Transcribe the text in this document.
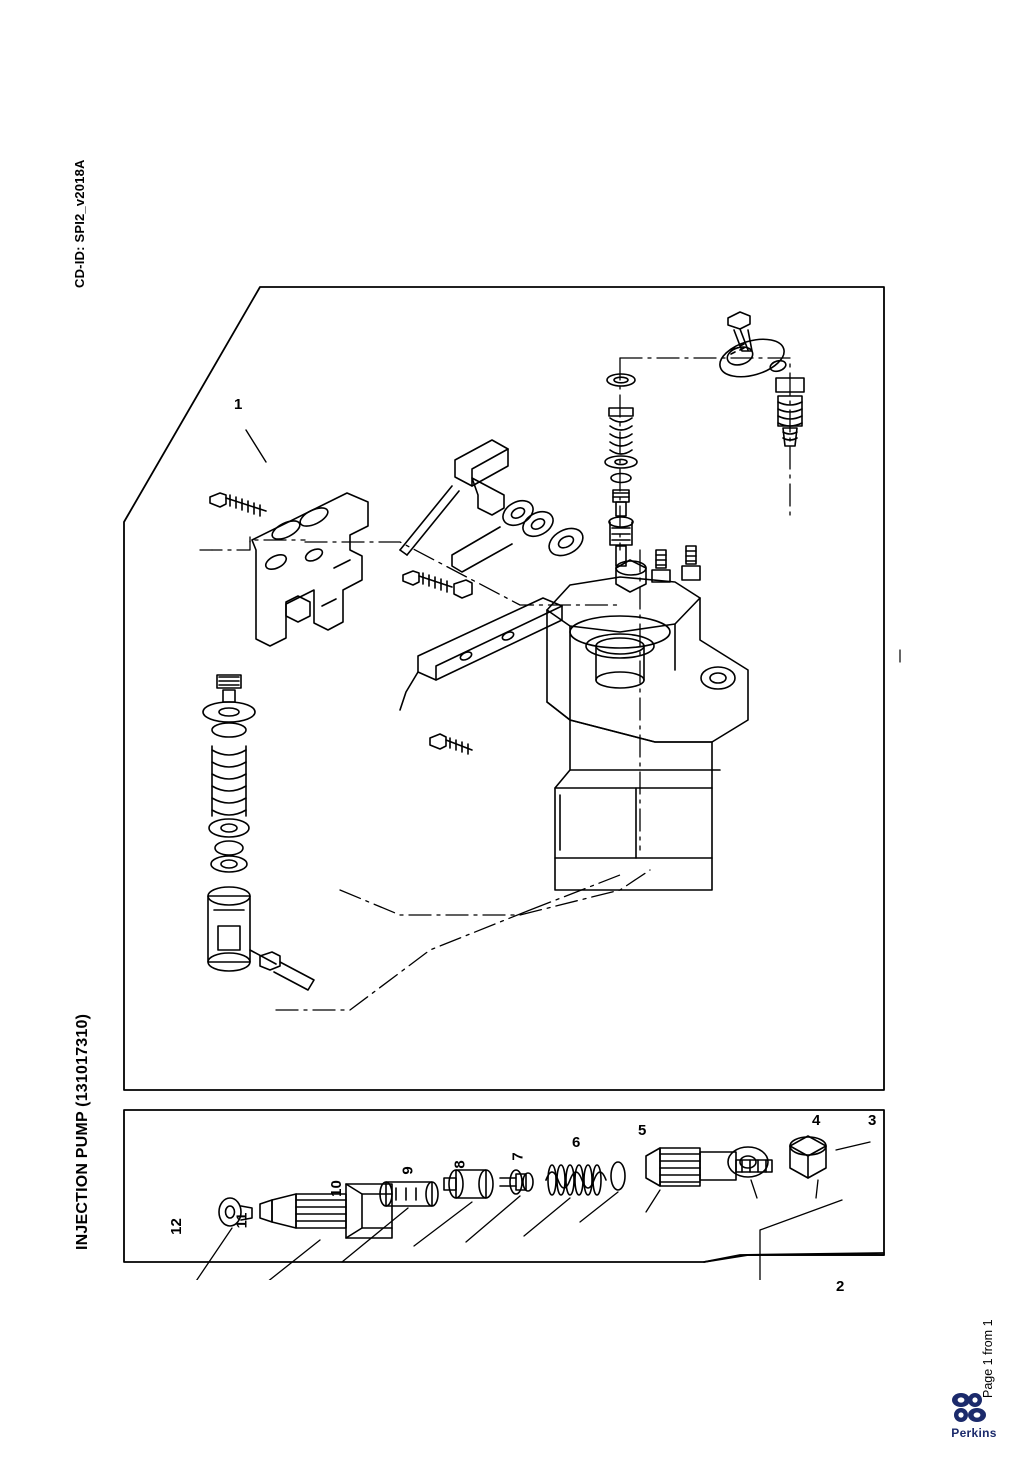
CD-ID: SPI2_v2018A
INJECTION PUMP (131017310)
Page 1 from 1
1
2
3
4
5
6
7
8
9
10
11
12
Perkins
